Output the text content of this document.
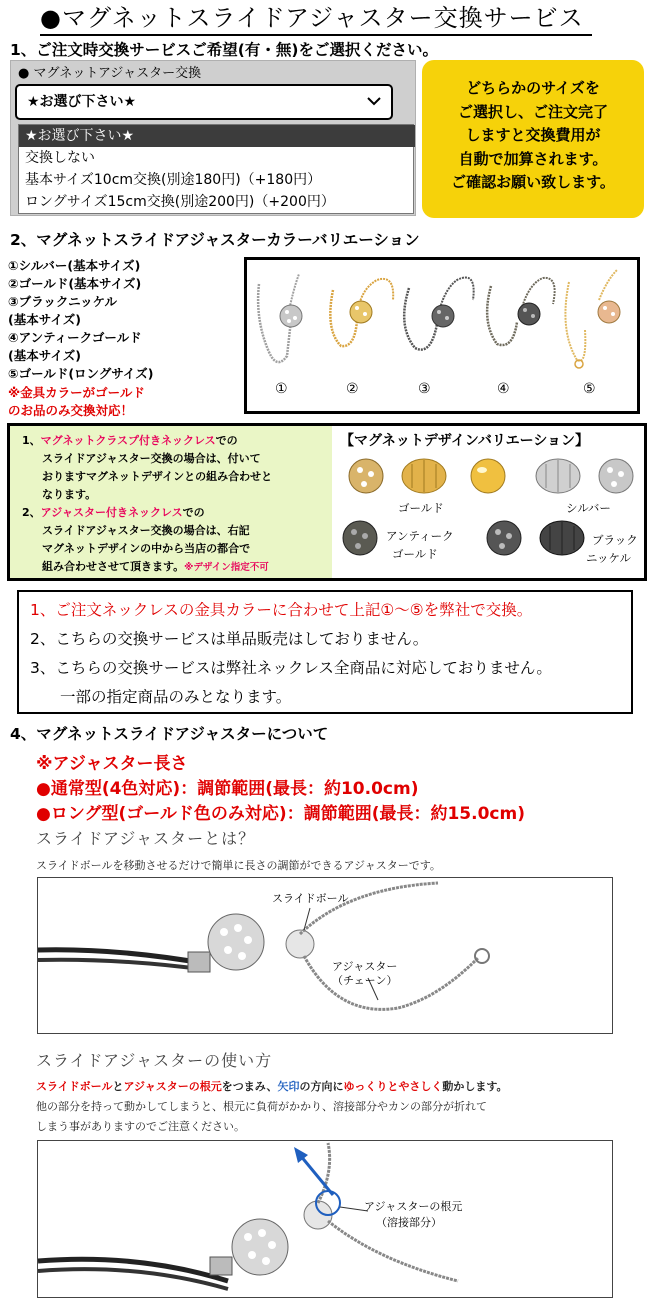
●マグネットスライドアジャスター交換サービス
1、ご注文時交換サービスご希望(有・無)をご選択ください。
● マグネットアジャスター交換
★お選び下さい★
★お選び下さい★
交換しない
基本サイズ10cm交換(別途180円)（+180円）
ロングサイズ15cm交換(別途200円)（+200円）
どちらかのサイズを
ご選択し、ご注文完了
しますと交換費用が
自動で加算されます。
ご確認お願い致します。
2、マグネットスライドアジャスターカラーバリエーション
①シルバー(基本サイズ)
②ゴールド(基本サイズ)
③ブラックニッケル
(基本サイズ)
④アンティークゴールド
(基本サイズ)
⑤ゴールド(ロングサイズ)
※金具カラーがゴールド
のお品のみ交換対応！
①	②	③	④	⑤
1、マグネットクラスプ付きネックレスでの
スライドアジャスター交換の場合は、付いて
おりますマグネットデザインとの組み合わせと
なります。
2、アジャスター付きネックレスでの
スライドアジャスター交換の場合は、右記
マグネットデザインの中から当店の都合で
組み合わせさせて頂きます。※デザイン指定不可
【マグネットデザインバリエーション】
ゴールド	シルバー
アンティーク
ゴールド
ブラック
ニッケル
1、ご注文ネックレスの金具カラーに合わせて上記①〜⑤を弊社で交換。
2、こちらの交換サービスは単品販売はしておりません。
3、こちらの交換サービスは弊社ネックレス全商品に対応しておりません。
一部の指定商品のみとなります。
4、マグネットスライドアジャスターについて
※アジャスター長さ
●通常型(4色対応)：調節範囲(最長：約10.0cm)
●ロング型(ゴールド色のみ対応)：調節範囲(最長：約15.0cm)
スライドアジャスターとは？
スライドボールを移動させるだけで簡単に長さの調節ができるアジャスターです。
スライドボール
アジャスター
（チェーン）
スライドアジャスターの使い方
スライドボールとアジャスターの根元をつまみ、矢印の方向にゆっくりとやさしく動かします。
他の部分を持って動かしてしまうと、根元に負荷がかかり、溶接部分やカンの部分が折れて
しまう事がありますのでご注意ください。
アジャスターの根元
（溶接部分）
